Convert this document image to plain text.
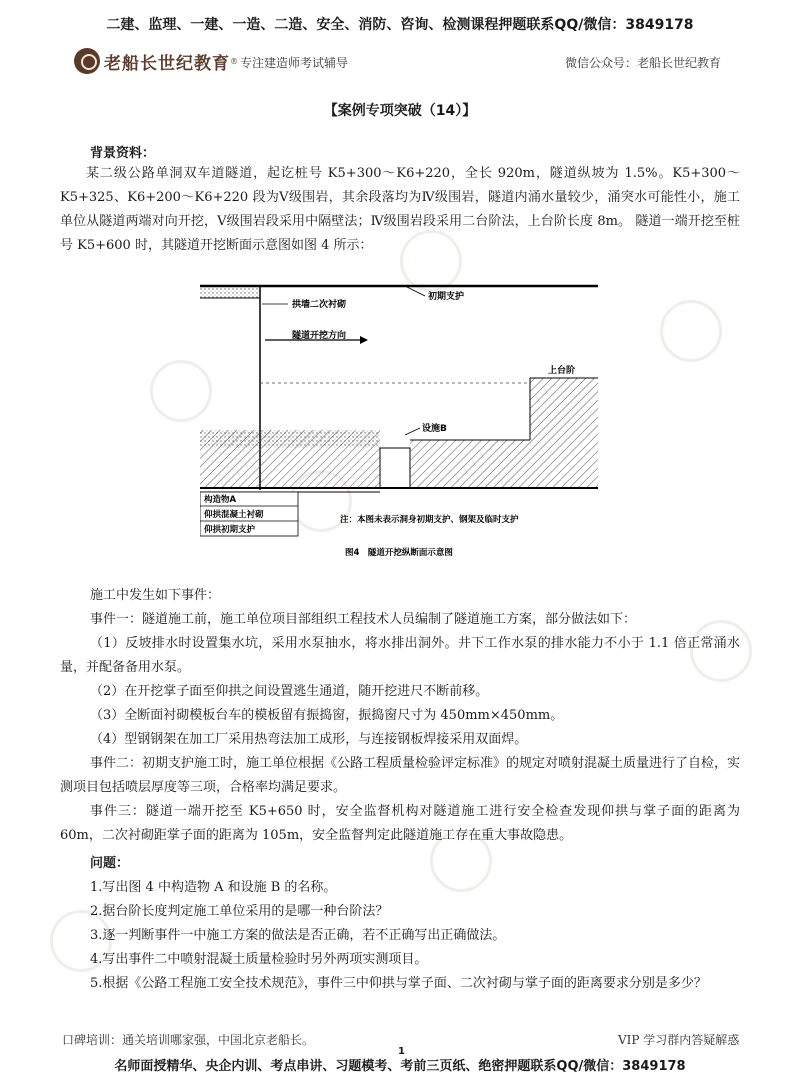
二建、监理、一建、一造、二造、安全、消防、咨询、检测课程押题联系QQ/微信：3849178
老船长世纪教育 ® 专注建造师考试辅导	微信公众号：老船长世纪教育
【案例专项突破（14）】
背景资料：
某二级公路单洞双车道隧道，起讫桩号 K5+300～K6+220，全长 920m，隧道纵坡为 1.5%。K5+300～K5+325、K6+200～K6+220 段为Ⅴ级围岩，其余段落均为Ⅳ级围岩，隧道内涌水量较少，涌突水可能性小，施工单位从隧道两端对向开挖，Ⅴ级围岩段采用中隔壁法；Ⅳ级围岩段采用二台阶法，上台阶长度 8m。 隧道一端开挖至桩号 K5+600 时，其隧道开挖断面示意图如图 4 所示：
拱墙二次衬砌
初期支护
隧道开挖方向
上台阶
设施B
构造物A
仰拱混凝土衬砌
仰拱初期支护
注：本图未表示洞身初期支护、钢架及临时支护
图4　隧道开挖纵断面示意图
施工中发生如下事件：
事件一：隧道施工前，施工单位项目部组织工程技术人员编制了隧道施工方案，部分做法如下：
（1）反坡排水时设置集水坑，采用水泵抽水，将水排出洞外。井下工作水泵的排水能力不小于 1.1 倍正常涌水量，并配备备用水泵。
（2）在开挖掌子面至仰拱之间设置逃生通道，随开挖进尺不断前移。
（3）全断面衬砌模板台车的模板留有振捣窗，振捣窗尺寸为 450mm×450mm。
（4）型钢钢架在加工厂采用热弯法加工成形，与连接钢板焊接采用双面焊。
事件二：初期支护施工时，施工单位根据《公路工程质量检验评定标准》的规定对喷射混凝土质量进行了自检，实测项目包括喷层厚度等三项，合格率均满足要求。
事件三：隧道一端开挖至 K5+650 时，安全监督机构对隧道施工进行安全检查发现仰拱与掌子面的距离为 60m，二次衬砌距掌子面的距离为 105m，安全监督判定此隧道施工存在重大事故隐患。
问题：
1.写出图 4 中构造物 A 和设施 B 的名称。
2.据台阶长度判定施工单位采用的是哪一种台阶法？
3.逐一判断事件一中施工方案的做法是否正确，若不正确写出正确做法。
4.写出事件二中喷射混凝土质量检验时另外两项实测项目。
5.根据《公路工程施工安全技术规范》，事件三中仰拱与掌子面、二次衬砌与掌子面的距离要求分别是多少？
口碑培训：通关培训哪家强，中国北京老船长。	VIP 学习群内答疑解惑
1
名师面授精华、央企内训、考点串讲、习题模考、考前三页纸、绝密押题联系QQ/微信：3849178
